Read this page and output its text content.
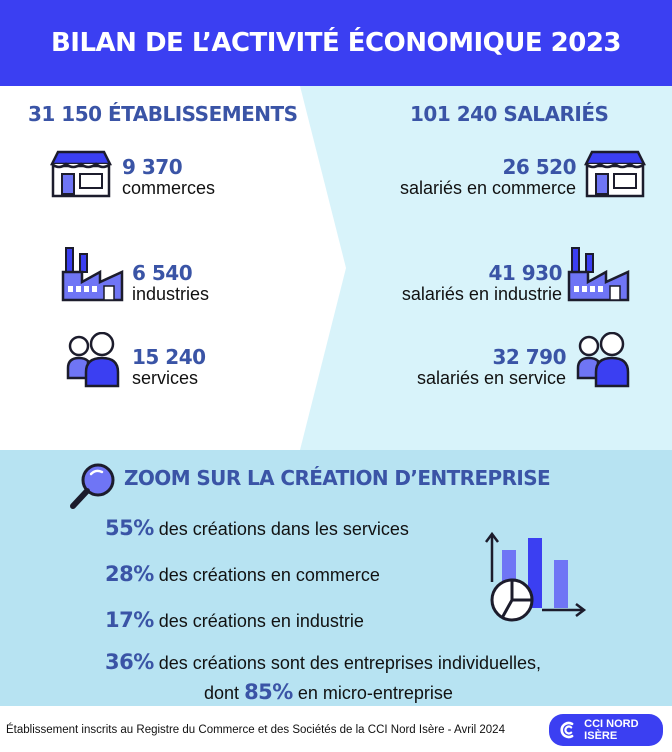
BILAN DE L’ACTIVITÉ ÉCONOMIQUE 2023
31 150 ÉTABLISSEMENTS
9 370
commerces
6 540
industries
15 240
services
101 240 SALARIÉS
26 520
salariés en commerce
41 930
salariés en industrie
32 790
salariés en service
ZOOM SUR LA CRÉATION D’ENTREPRISE
55% des créations dans les services
28% des créations en commerce
17% des créations en industrie
36% des créations sont des entreprises individuelles,
dont 85% en micro-entreprise
Établissement inscrits au Registre du Commerce et des Sociétés de la CCI Nord Isère - Avril 2024	CCI NORD ISÈRE
